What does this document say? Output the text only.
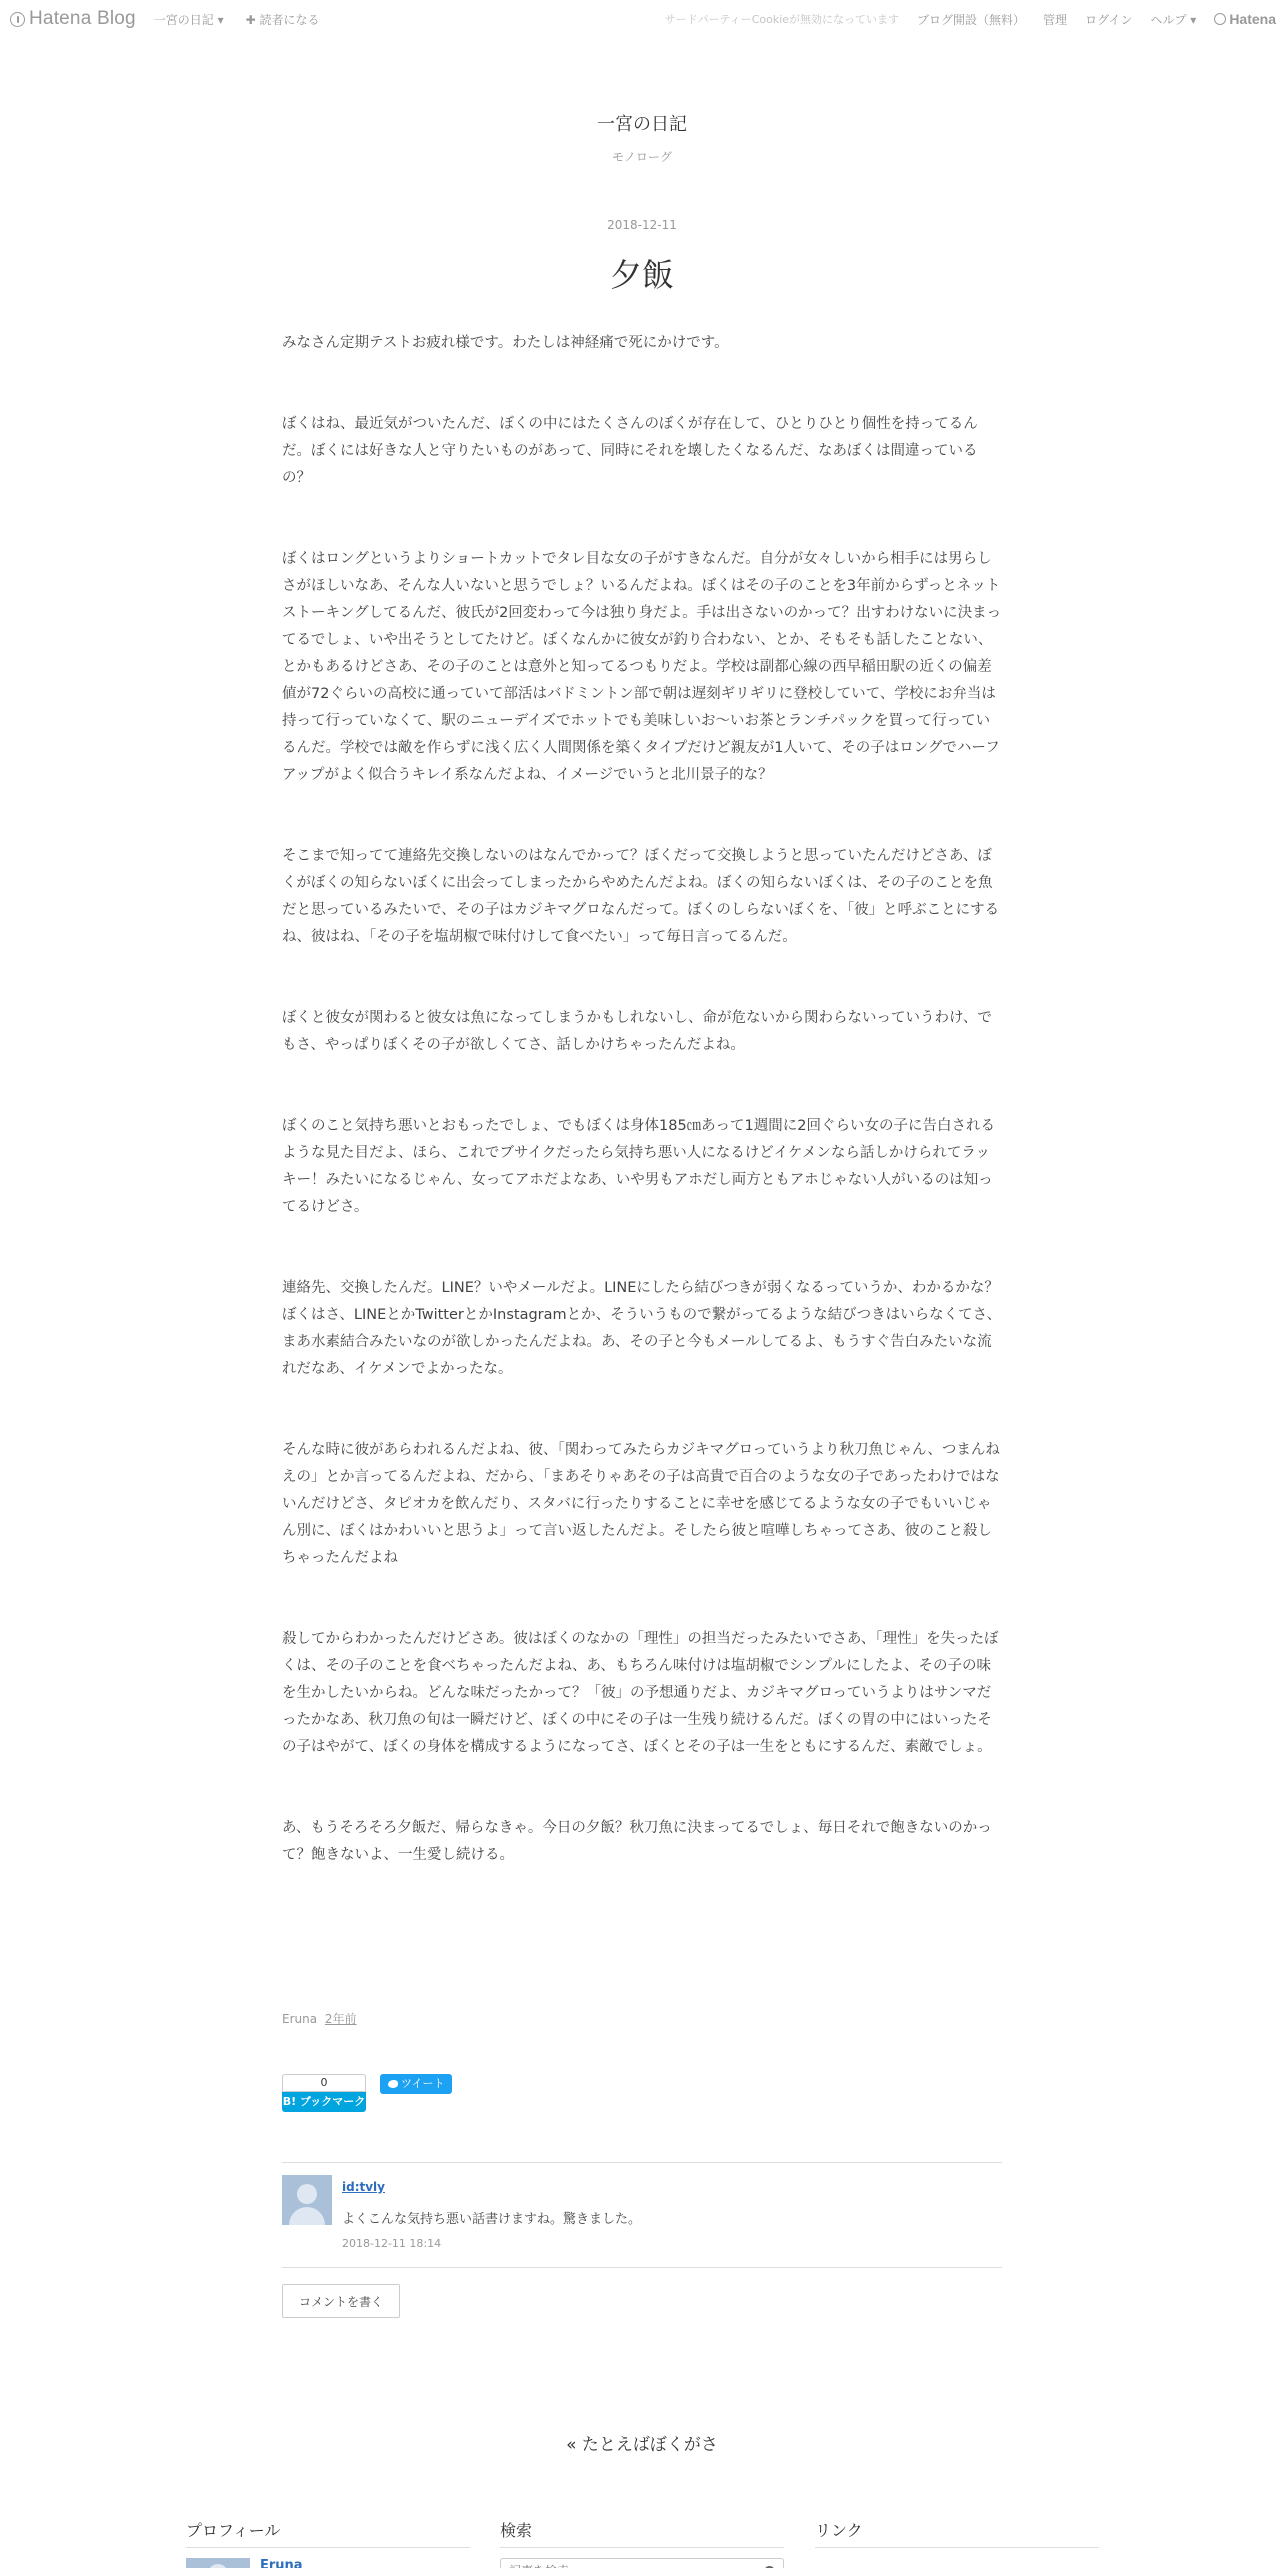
Hatena Blog 一宮の日記 ▾ ✚ 読者になる	サードパーティーCookieが無効になっています ブログ開設（無料） 管理 ログイン ヘルプ ▾ Hatena
一宮の日記
モノローグ
2018-12-11
夕飯

みなさん定期テストお疲れ様です。わたしは神経痛で死にかけです。

ぼくはね、最近気がついたんだ、ぼくの中にはたくさんのぼくが存在して、ひとりひとり個性を持ってるんだ。ぼくには好きな人と守りたいものがあって、同時にそれを壊したくなるんだ、なあぼくは間違っているの？

ぼくはロングというよりショートカットでタレ目な女の子がすきなんだ。自分が女々しいから相手には男らしさがほしいなあ、そんな人いないと思うでしょ？いるんだよね。ぼくはその子のことを3年前からずっとネットストーキングしてるんだ、彼氏が2回変わって今は独り身だよ。手は出さないのかって？出すわけないに決まってるでしょ、いや出そうとしてたけど。ぼくなんかに彼女が釣り合わない、とか、そもそも話したことない、とかもあるけどさあ、その子のことは意外と知ってるつもりだよ。学校は副都心線の西早稲田駅の近くの偏差値が72ぐらいの高校に通っていて部活はバドミントン部で朝は遅刻ギリギリに登校していて、学校にお弁当は持って行っていなくて、駅のニューデイズでホットでも美味しいお〜いお茶とランチパックを買って行っているんだ。学校では敵を作らずに浅く広く人間関係を築くタイプだけど親友が1人いて、その子はロングでハーフアップがよく似合うキレイ系なんだよね、イメージでいうと北川景子的な？

そこまで知ってて連絡先交換しないのはなんでかって？ぼくだって交換しようと思っていたんだけどさあ、ぼくがぼくの知らないぼくに出会ってしまったからやめたんだよね。ぼくの知らないぼくは、その子のことを魚だと思っているみたいで、その子はカジキマグロなんだって。ぼくのしらないぼくを、「彼」と呼ぶことにするね、彼はね、「その子を塩胡椒で味付けして食べたい」って毎日言ってるんだ。

ぼくと彼女が関わると彼女は魚になってしまうかもしれないし、命が危ないから関わらないっていうわけ、でもさ、やっぱりぼくその子が欲しくてさ、話しかけちゃったんだよね。

ぼくのこと気持ち悪いとおもったでしょ、でもぼくは身体185㎝あって1週間に2回ぐらい女の子に告白されるような見た目だよ、ほら、これでブサイクだったら気持ち悪い人になるけどイケメンなら話しかけられてラッキー！みたいになるじゃん、女ってアホだよなあ、いや男もアホだし両方ともアホじゃない人がいるのは知ってるけどさ。

連絡先、交換したんだ。LINE？いやメールだよ。LINEにしたら結びつきが弱くなるっていうか、わかるかな？ぼくはさ、LINEとかTwitterとかInstagramとか、そういうもので繋がってるような結びつきはいらなくてさ、まあ水素結合みたいなのが欲しかったんだよね。あ、その子と今もメールしてるよ、もうすぐ告白みたいな流れだなあ、イケメンでよかったな。

そんな時に彼があらわれるんだよね、彼、「関わってみたらカジキマグロっていうより秋刀魚じゃん、つまんねえの」とか言ってるんだよね、だから、「まあそりゃあその子は高貴で百合のような女の子であったわけではないんだけどさ、タピオカを飲んだり、スタバに行ったりすることに幸せを感じてるような女の子でもいいじゃん別に、ぼくはかわいいと思うよ」って言い返したんだよ。そしたら彼と喧嘩しちゃってさあ、彼のこと殺しちゃったんだよね

殺してからわかったんだけどさあ。彼はぼくのなかの「理性」の担当だったみたいでさあ、「理性」を失ったぼくは、その子のことを食べちゃったんだよね、あ、もちろん味付けは塩胡椒でシンプルにしたよ、その子の味を生かしたいからね。どんな味だったかって？「彼」の予想通りだよ、カジキマグロっていうよりはサンマだったかなあ、秋刀魚の旬は一瞬だけど、ぼくの中にその子は一生残り続けるんだ。ぼくの胃の中にはいったその子はやがて、ぼくの身体を構成するようになってさ、ぼくとその子は一生をともにするんだ、素敵でしょ。

あ、もうそろそろ夕飯だ、帰らなきゃ。今日の夕飯？秋刀魚に決まってるでしょ、毎日それで飽きないのかって？飽きないよ、一生愛し続ける。

Eruna 2年前
0
B! ブックマーク
ツイート
id:tvly
よくこんな気持ち悪い話書けますね。驚きました。
2018-12-11 18:14
コメントを書く
« たとえばぼくがさ
プロフィール
Eruna
検索
記事を検索	リンク
